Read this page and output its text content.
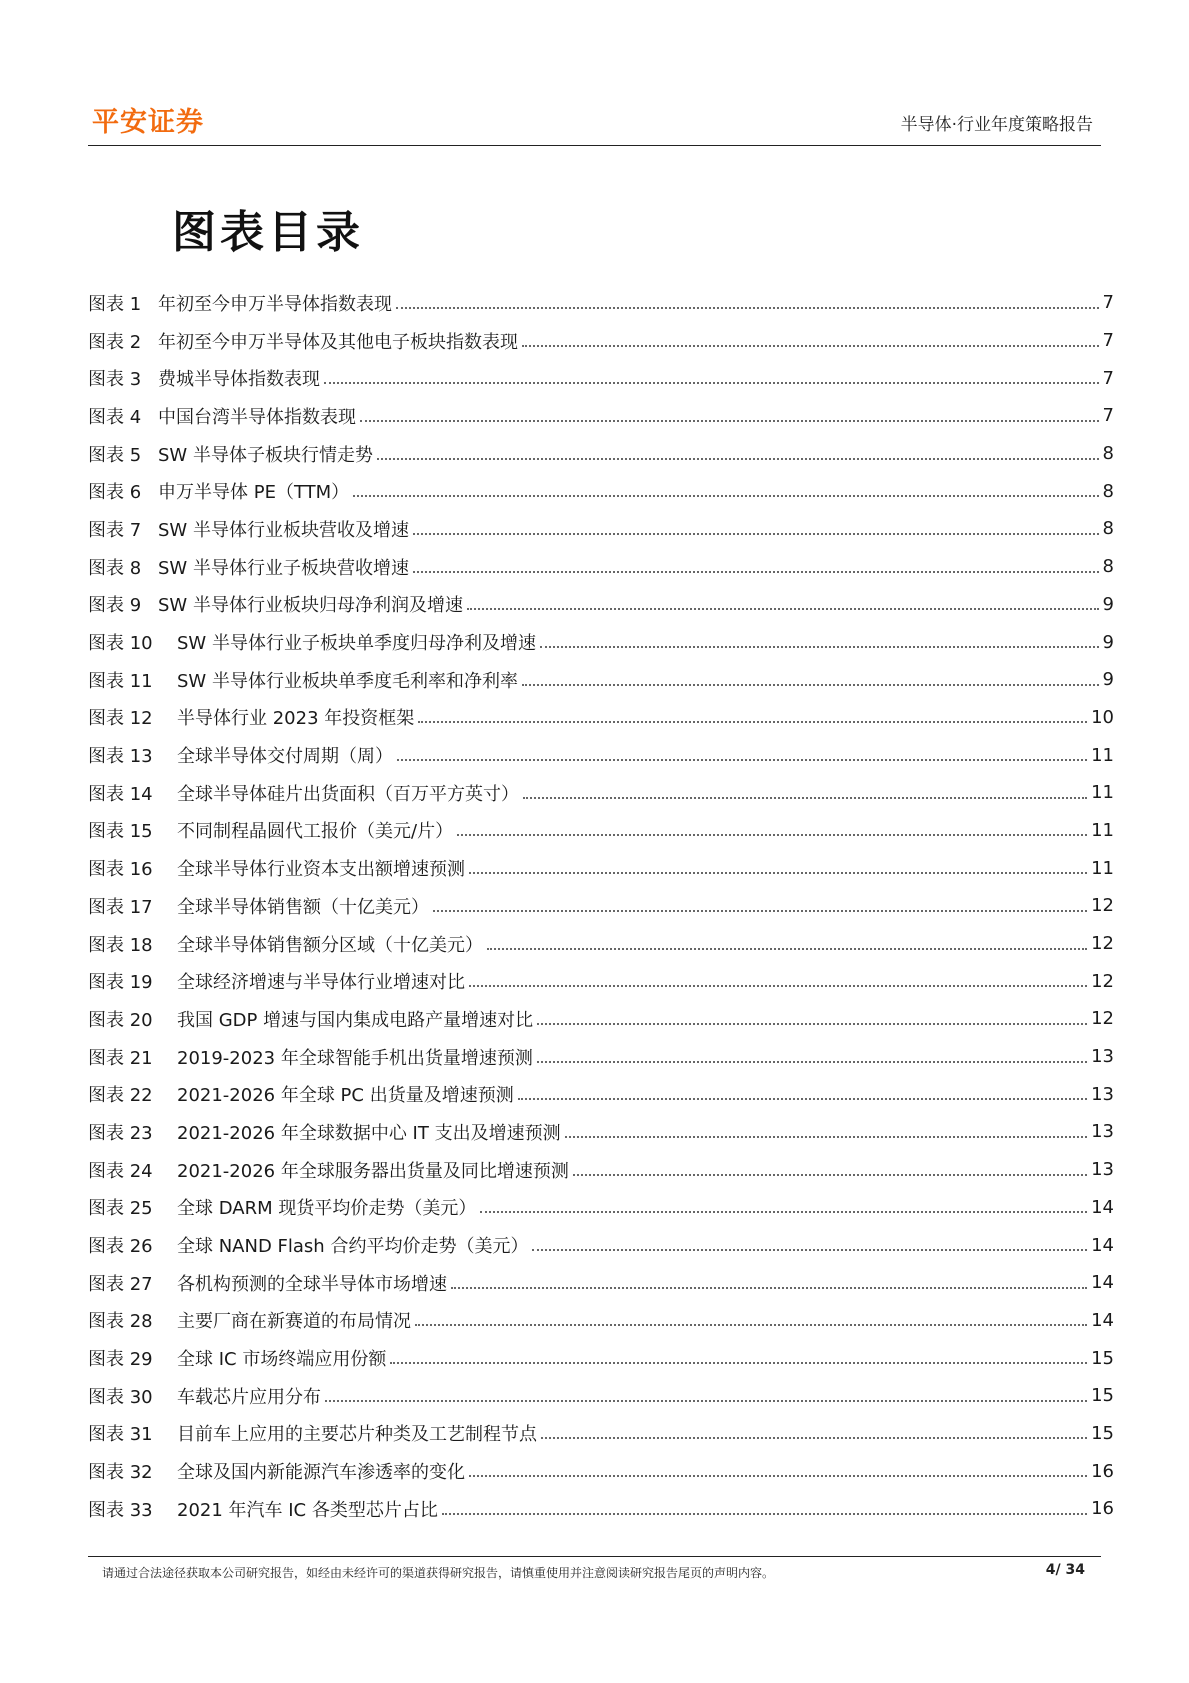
平安证券	半导体·行业年度策略报告
图表目录
图表 1 年初至今申万半导体指数表现	7
图表 2 年初至今申万半导体及其他电子板块指数表现	7
图表 3 费城半导体指数表现	7
图表 4 中国台湾半导体指数表现	7
图表 5 SW 半导体子板块行情走势	8
图表 6 申万半导体 PE（TTM）	8
图表 7 SW 半导体行业板块营收及增速	8
图表 8 SW 半导体行业子板块营收增速	8
图表 9 SW 半导体行业板块归母净利润及增速	9
图表 10	SW 半导体行业子板块单季度归母净利及增速	9
图表 11	SW 半导体行业板块单季度毛利率和净利率	9
图表 12	半导体行业 2023 年投资框架	10
图表 13	全球半导体交付周期（周）	11
图表 14	全球半导体硅片出货面积（百万平方英寸）	11
图表 15	不同制程晶圆代工报价（美元/片）	11
图表 16	全球半导体行业资本支出额增速预测	11
图表 17	全球半导体销售额（十亿美元）	12
图表 18	全球半导体销售额分区域（十亿美元）	12
图表 19	全球经济增速与半导体行业增速对比	12
图表 20	我国 GDP 增速与国内集成电路产量增速对比	12
图表 21	2019-2023 年全球智能手机出货量增速预测	13
图表 22	2021-2026 年全球 PC 出货量及增速预测	13
图表 23	2021-2026 年全球数据中心 IT 支出及增速预测	13
图表 24	2021-2026 年全球服务器出货量及同比增速预测	13
图表 25	全球 DARM 现货平均价走势（美元）	14
图表 26	全球 NAND Flash 合约平均价走势（美元）	14
图表 27	各机构预测的全球半导体市场增速	14
图表 28	主要厂商在新赛道的布局情况	14
图表 29	全球 IC 市场终端应用份额	15
图表 30	车载芯片应用分布	15
图表 31	目前车上应用的主要芯片种类及工艺制程节点	15
图表 32	全球及国内新能源汽车渗透率的变化	16
图表 33	2021 年汽车 IC 各类型芯片占比	16
请通过合法途径获取本公司研究报告，如经由未经许可的渠道获得研究报告，请慎重使用并注意阅读研究报告尾页的声明内容。	4/ 34
